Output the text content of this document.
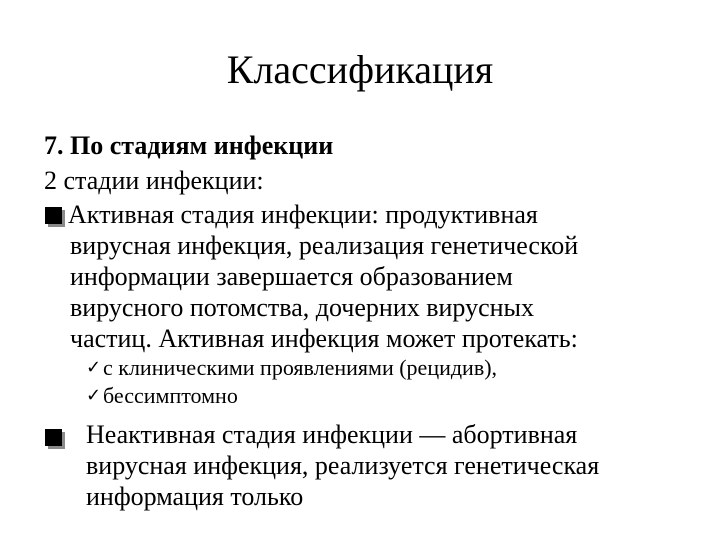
Классификация
7. По стадиям инфекции
2 стадии инфекции:
Активная стадия инфекции: продуктивная
вирусная инфекция, реализация генетической
информации завершается образованием
вирусного потомства, дочерних вирусных
частиц. Активная инфекция может протекать:
✓ с клиническими проявлениями (рецидив),
✓ бессимптомно
Неактивная стадия инфекции — абортивная
вирусная инфекция, реализуется генетическая
информация только
